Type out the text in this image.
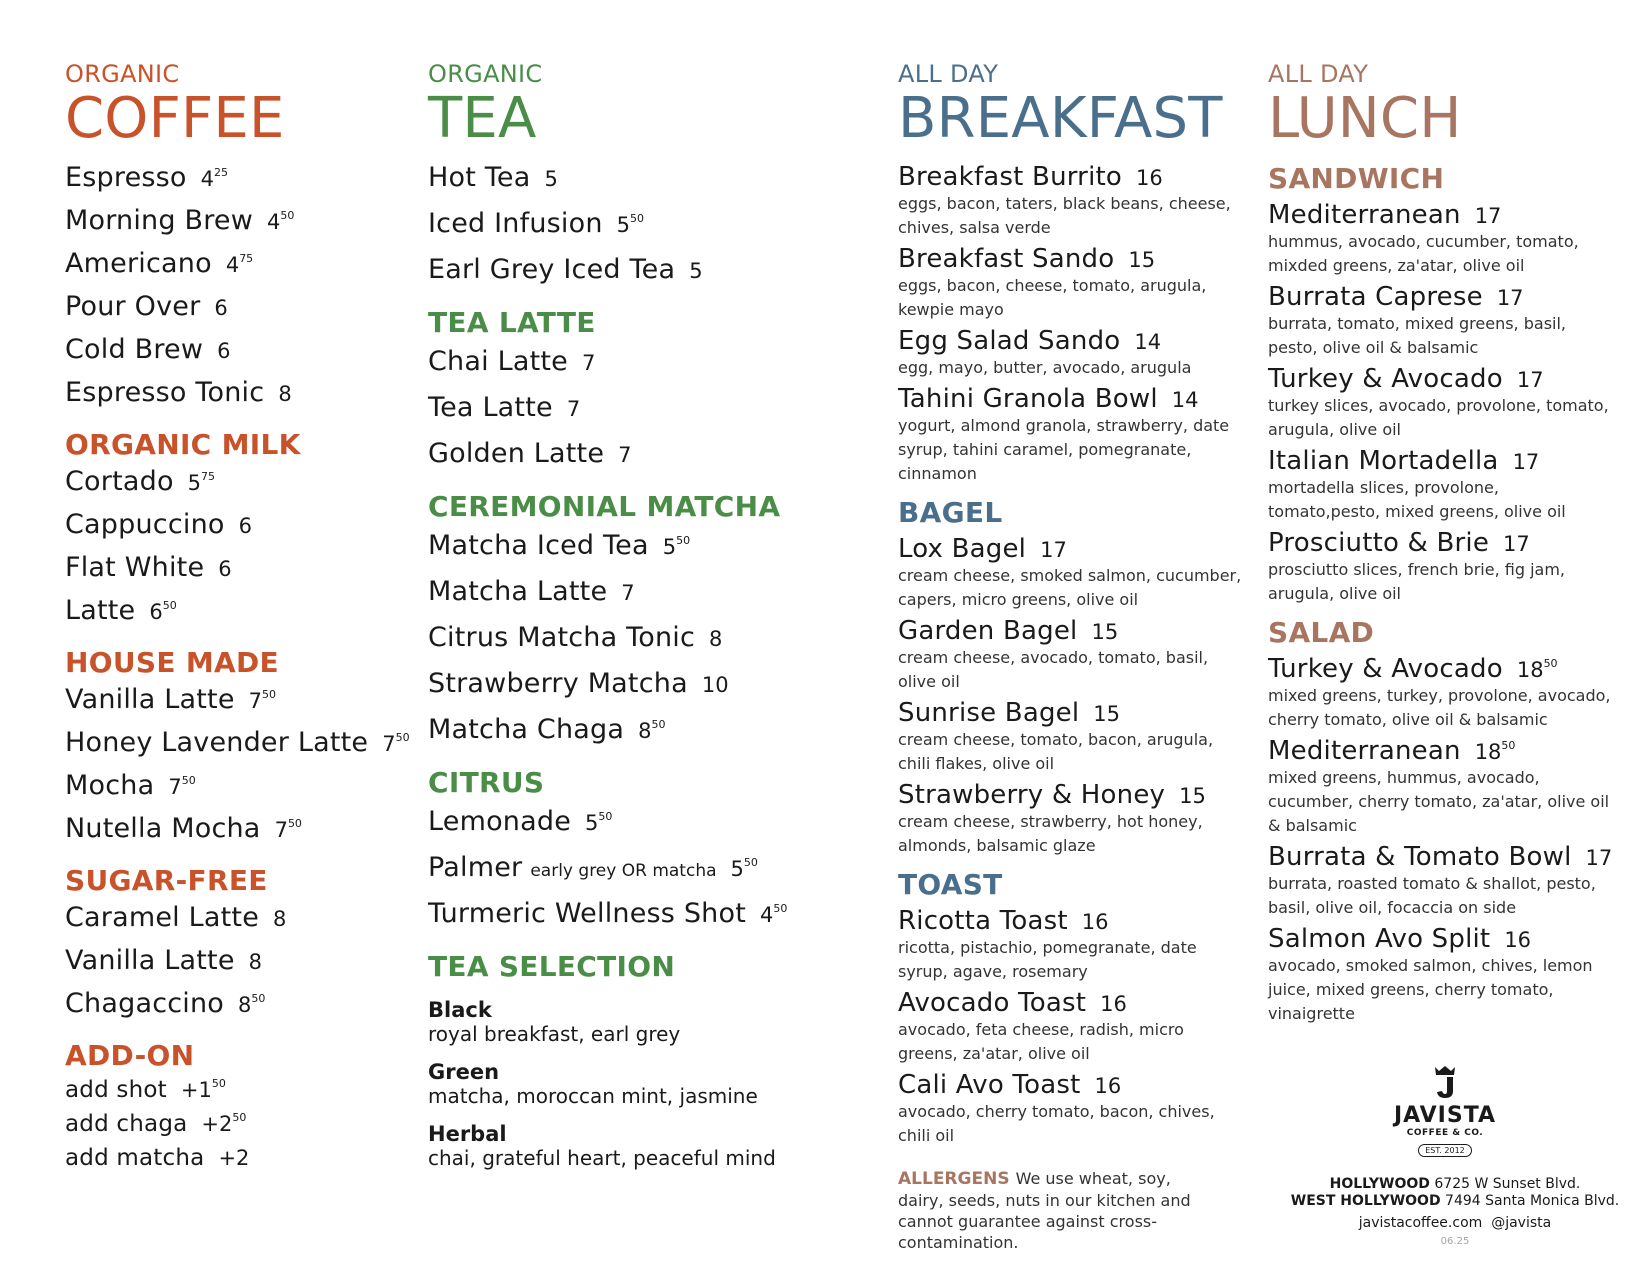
ORGANIC
COFFEE
Espresso $4^{25}$
Morning Brew $4^{50}$
Americano $4^{75}$
Pour Over 6
Cold Brew 6
Espresso Tonic 8
ORGANIC MILK
Cortado $5^{75}$
Cappuccino 6
Flat White 6
Latte $6^{50}$
HOUSE MADE
Vanilla Latte $7^{50}$
Honey Lavender Latte $7^{50}$
Mocha $7^{50}$
Nutella Mocha $7^{50}$
SUGAR-FREE
Caramel Latte 8
Vanilla Latte 8
Chagaccino $8^{50}$
ADD-ON
add shot $+1^{50}$
add chaga $+2^{50}$
add matcha +2
ORGANIC
TEA
Hot Tea 5
Iced Infusion $5^{50}$
Earl Grey Iced Tea 5
TEA LATTE
Chai Latte 7
Tea Latte 7
Golden Latte 7
CEREMONIAL MATCHA
Matcha Iced Tea $5^{50}$
Matcha Latte 7
Citrus Matcha Tonic 8
Strawberry Matcha 10
Matcha Chaga $8^{50}$
CITRUS
Lemonade $5^{50}$
Palmer early grey OR matcha $5^{50}$
Turmeric Wellness Shot $4^{50}$
TEA SELECTION
Black
royal breakfast, earl grey
Green
matcha, moroccan mint, jasmine
Herbal
chai, grateful heart, peaceful mind
ALL DAY
BREAKFAST
Breakfast Burrito 16
eggs, bacon, taters, black beans, cheese, chives, salsa verde
Breakfast Sando 15
eggs, bacon, cheese, tomato, arugula, kewpie mayo
Egg Salad Sando 14
egg, mayo, butter, avocado, arugula
Tahini Granola Bowl 14
yogurt, almond granola, strawberry, date syrup, tahini caramel, pomegranate, cinnamon
BAGEL
Lox Bagel 17
cream cheese, smoked salmon, cucumber, capers, micro greens, olive oil
Garden Bagel 15
cream cheese, avocado, tomato, basil, olive oil
Sunrise Bagel 15
cream cheese, tomato, bacon, arugula, chili flakes, olive oil
Strawberry & Honey 15
cream cheese, strawberry, hot honey, almonds, balsamic glaze
TOAST
Ricotta Toast 16
ricotta, pistachio, pomegranate, date syrup, agave, rosemary
Avocado Toast 16
avocado, feta cheese, radish, micro greens, za'atar, olive oil
Cali Avo Toast 16
avocado, cherry tomato, bacon, chives, chili oil
ALLERGENS We use wheat, soy, dairy, seeds, nuts in our kitchen and cannot guarantee against cross-contamination.
ALL DAY
LUNCH
SANDWICH
Mediterranean 17
hummus, avocado, cucumber, tomato, mixded greens, za'atar, olive oil
Burrata Caprese 17
burrata, tomato, mixed greens, basil, pesto, olive oil & balsamic
Turkey & Avocado 17
turkey slices, avocado, provolone, tomato, arugula, olive oil
Italian Mortadella 17
mortadella slices, provolone, tomato,pesto, mixed greens, olive oil
Prosciutto & Brie 17
prosciutto slices, french brie, fig jam, arugula, olive oil
SALAD
Turkey & Avocado $18^{50}$
mixed greens, turkey, provolone, avocado, cherry tomato, olive oil & balsamic
Mediterranean $18^{50}$
mixed greens, hummus, avocado, cucumber, cherry tomato, za'atar, olive oil & balsamic
Burrata & Tomato Bowl 17
burrata, roasted tomato & shallot, pesto, basil, olive oil, focaccia on side
Salmon Avo Split 16
avocado, smoked salmon, chives, lemon juice, mixed greens, cherry tomato, vinaigrette
JAVISTA
COFFEE & CO.
EST. 2012
HOLLYWOOD 6725 W Sunset Blvd.
WEST HOLLYWOOD 7494 Santa Monica Blvd.
javistacoffee.com @javista
06.25
